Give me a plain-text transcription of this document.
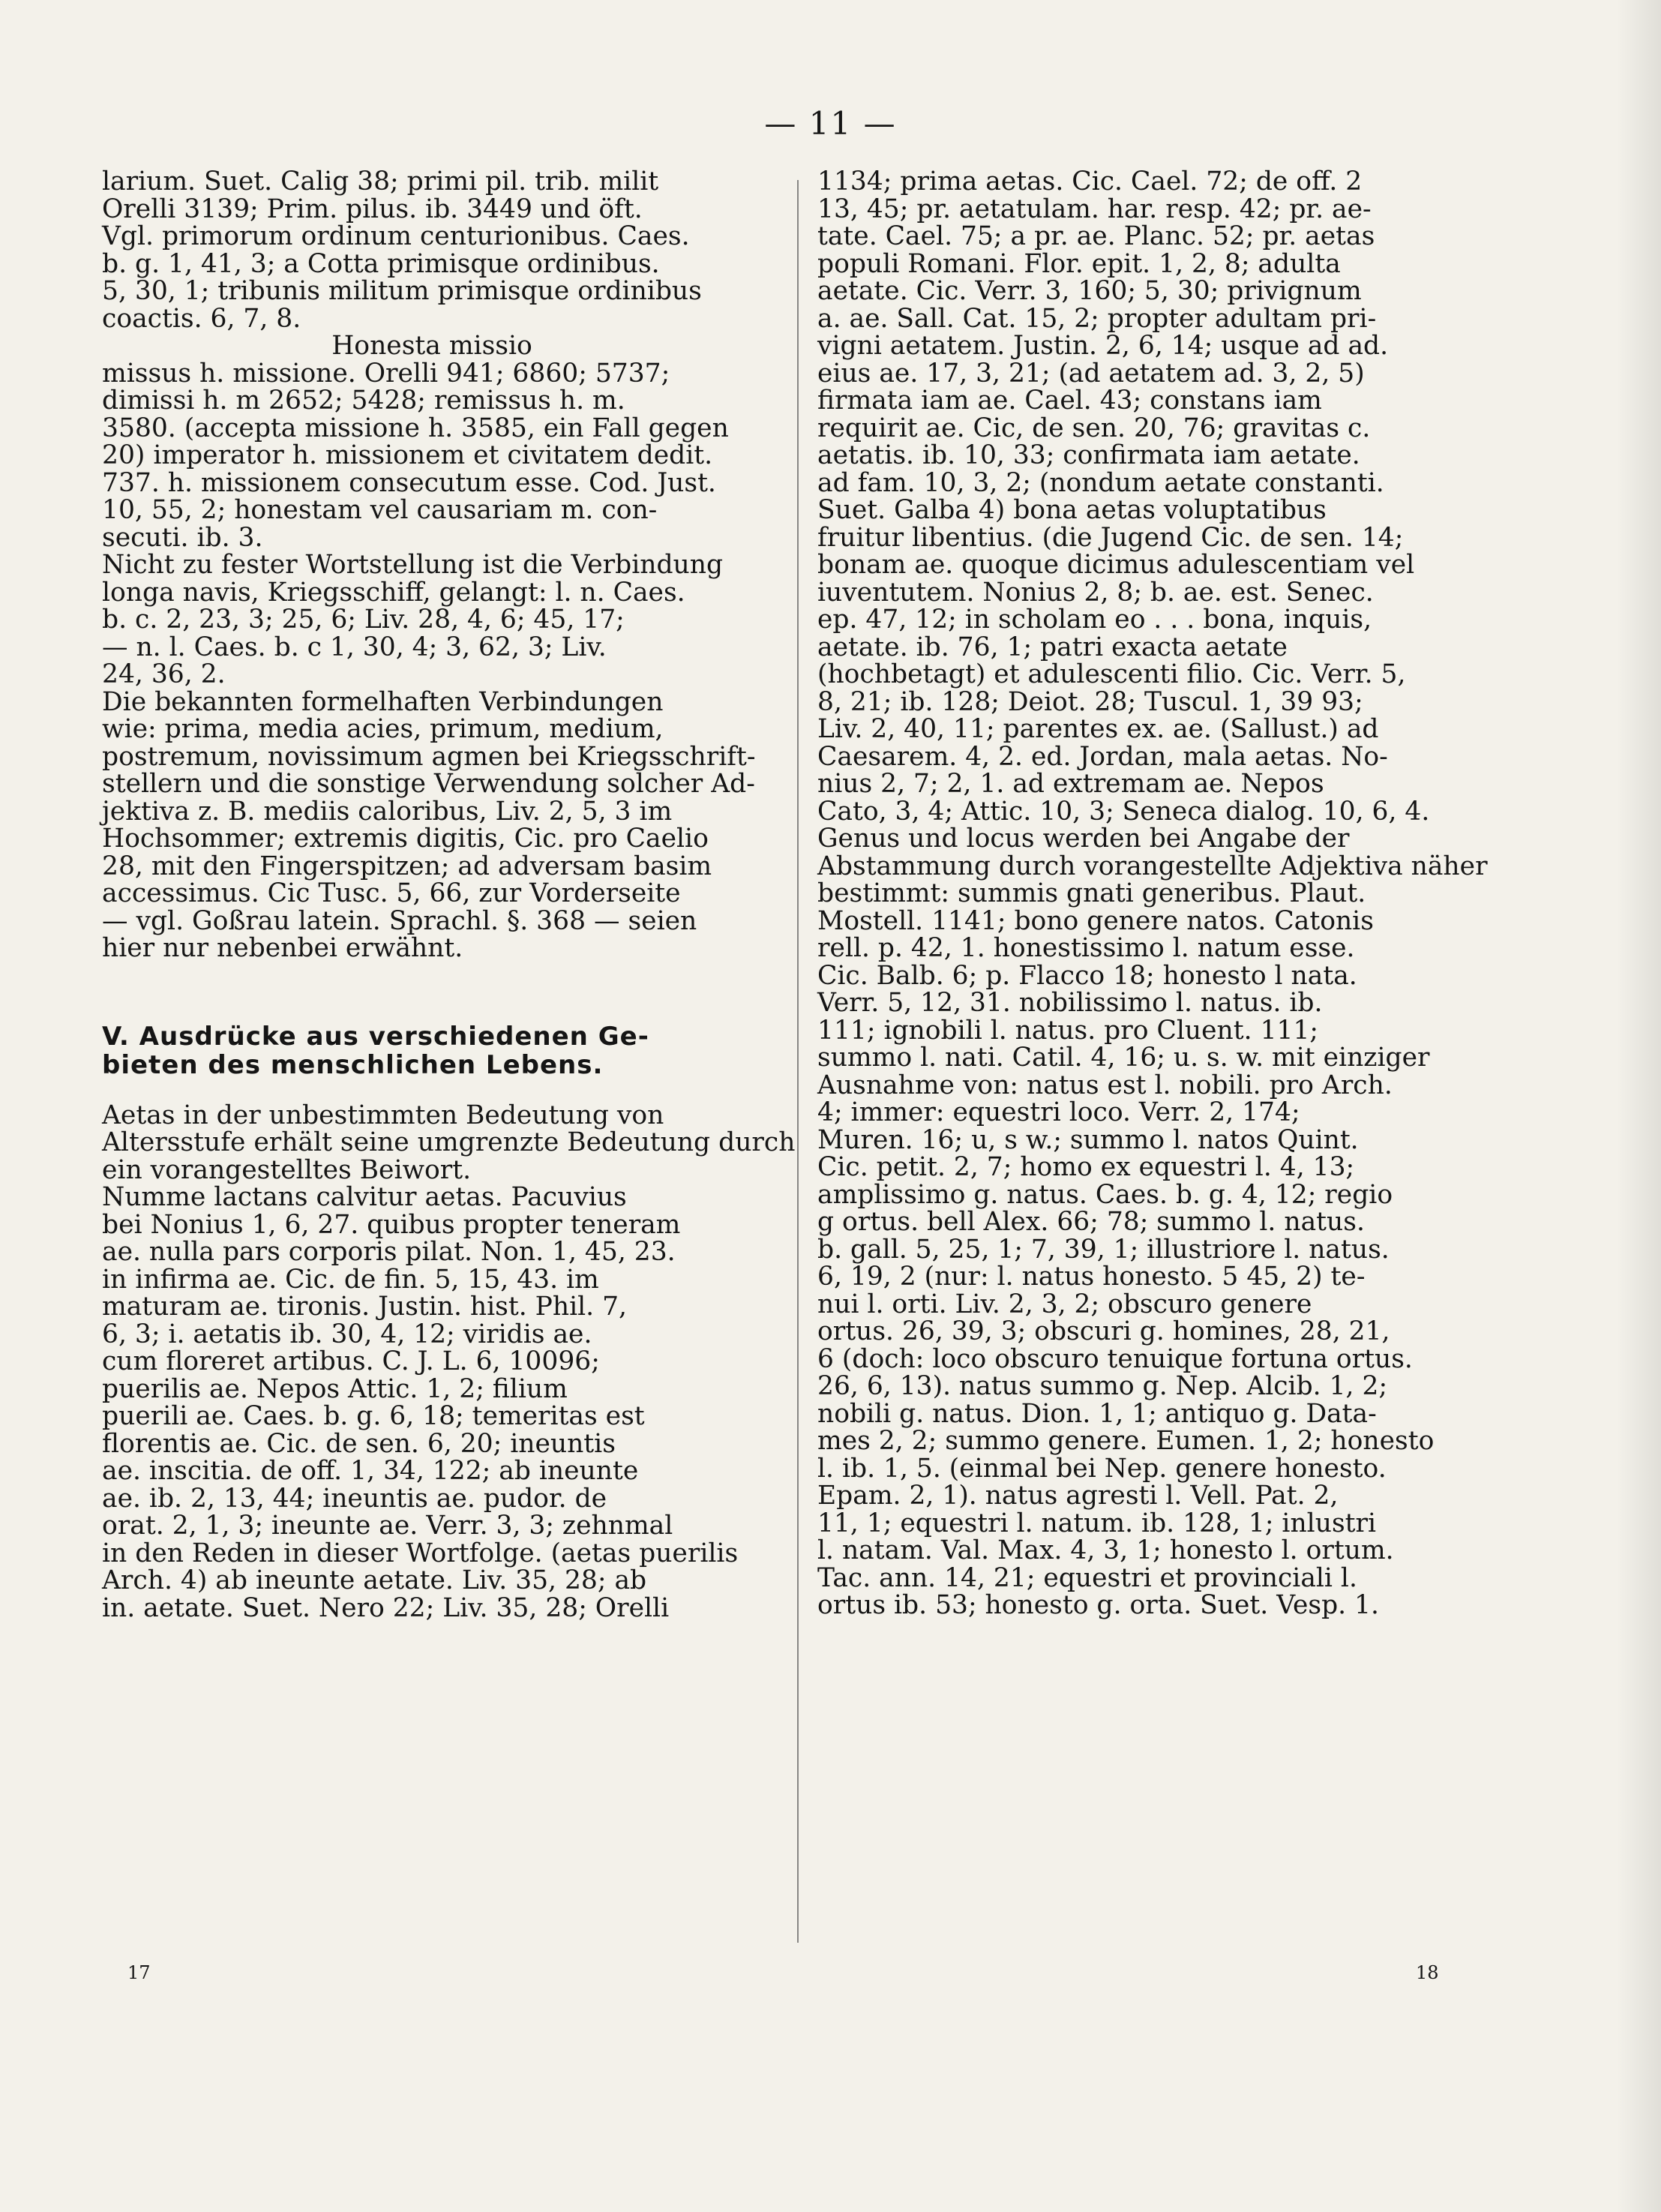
— 11 —
larium. Suet. Calig 38; primi pil. trib. milit
Orelli 3139; Prim. pilus. ib. 3449 und öft.
Vgl. primorum ordinum centurionibus. Caes.
b. g. 1, 41, 3; a Cotta primisque ordinibus.
5, 30, 1; tribunis militum primisque ordinibus
coactis. 6, 7, 8.
Honesta missio
missus h. missione. Orelli 941; 6860; 5737;
dimissi h. m 2652; 5428; remissus h. m.
3580. (accepta missione h. 3585, ein Fall gegen
20) imperator h. missionem et civitatem dedit.
737. h. missionem consecutum esse. Cod. Just.
10, 55, 2; honestam vel causariam m. con-
secuti. ib. 3.
Nicht zu fester Wortstellung ist die Verbindung
longa navis, Kriegsschiff, gelangt: l. n. Caes.
b. c. 2, 23, 3; 25, 6; Liv. 28, 4, 6; 45, 17;
— n. l. Caes. b. c 1, 30, 4; 3, 62, 3; Liv.
24, 36, 2.
Die bekannten formelhaften Verbindungen
wie: prima, media acies, primum, medium,
postremum, novissimum agmen bei Kriegsschrift-
stellern und die sonstige Verwendung solcher Ad-
jektiva z. B. mediis caloribus, Liv. 2, 5, 3 im
Hochsommer; extremis digitis, Cic. pro Caelio
28, mit den Fingerspitzen; ad adversam basim
accessimus. Cic Tusc. 5, 66, zur Vorderseite
— vgl. Goßrau latein. Sprachl. §. 368 — seien
hier nur nebenbei erwähnt.
V. Ausdrücke aus verschiedenen Ge-
bieten des menschlichen Lebens.
Aetas in der unbestimmten Bedeutung von
Altersstufe erhält seine umgrenzte Bedeutung durch
ein vorangestelltes Beiwort.
Numme lactans calvitur aetas. Pacuvius
bei Nonius 1, 6, 27. quibus propter teneram
ae. nulla pars corporis pilat. Non. 1, 45, 23.
in infirma ae. Cic. de fin. 5, 15, 43. im
maturam ae. tironis. Justin. hist. Phil. 7,
6, 3; i. aetatis ib. 30, 4, 12; viridis ae.
cum floreret artibus. C. J. L. 6, 10096;
puerilis ae. Nepos Attic. 1, 2; filium
puerili ae. Caes. b. g. 6, 18; temeritas est
florentis ae. Cic. de sen. 6, 20; ineuntis
ae. inscitia. de off. 1, 34, 122; ab ineunte
ae. ib. 2, 13, 44; ineuntis ae. pudor. de
orat. 2, 1, 3; ineunte ae. Verr. 3, 3; zehnmal
in den Reden in dieser Wortfolge. (aetas puerilis
Arch. 4) ab ineunte aetate. Liv. 35, 28; ab
in. aetate. Suet. Nero 22; Liv. 35, 28; Orelli
1134; prima aetas. Cic. Cael. 72; de off. 2
13, 45; pr. aetatulam. har. resp. 42; pr. ae-
tate. Cael. 75; a pr. ae. Planc. 52; pr. aetas
populi Romani. Flor. epit. 1, 2, 8; adulta
aetate. Cic. Verr. 3, 160; 5, 30; privignum
a. ae. Sall. Cat. 15, 2; propter adultam pri-
vigni aetatem. Justin. 2, 6, 14; usque ad ad.
eius ae. 17, 3, 21; (ad aetatem ad. 3, 2, 5)
firmata iam ae. Cael. 43; constans iam
requirit ae. Cic, de sen. 20, 76; gravitas c.
aetatis. ib. 10, 33; confirmata iam aetate.
ad fam. 10, 3, 2; (nondum aetate constanti.
Suet. Galba 4) bona aetas voluptatibus
fruitur libentius. (die Jugend Cic. de sen. 14;
bonam ae. quoque dicimus adulescentiam vel
iuventutem. Nonius 2, 8; b. ae. est. Senec.
ep. 47, 12; in scholam eo . . . bona, inquis,
aetate. ib. 76, 1; patri exacta aetate
(hochbetagt) et adulescenti filio. Cic. Verr. 5,
8, 21; ib. 128; Deiot. 28; Tuscul. 1, 39 93;
Liv. 2, 40, 11; parentes ex. ae. (Sallust.) ad
Caesarem. 4, 2. ed. Jordan, mala aetas. No-
nius 2, 7; 2, 1. ad extremam ae. Nepos
Cato, 3, 4; Attic. 10, 3; Seneca dialog. 10, 6, 4.
Genus und locus werden bei Angabe der
Abstammung durch vorangestellte Adjektiva näher
bestimmt: summis gnati generibus. Plaut.
Mostell. 1141; bono genere natos. Catonis
rell. p. 42, 1. honestissimo l. natum esse.
Cic. Balb. 6; p. Flacco 18; honesto l nata.
Verr. 5, 12, 31. nobilissimo l. natus. ib.
111; ignobili l. natus. pro Cluent. 111;
summo l. nati. Catil. 4, 16; u. s. w. mit einziger
Ausnahme von: natus est l. nobili. pro Arch.
4; immer: equestri loco. Verr. 2, 174;
Muren. 16; u, s w.; summo l. natos Quint.
Cic. petit. 2, 7; homo ex equestri l. 4, 13;
amplissimo g. natus. Caes. b. g. 4, 12; regio
g ortus. bell Alex. 66; 78; summo l. natus.
b. gall. 5, 25, 1; 7, 39, 1; illustriore l. natus.
6, 19, 2 (nur: l. natus honesto. 5 45, 2) te-
nui l. orti. Liv. 2, 3, 2; obscuro genere
ortus. 26, 39, 3; obscuri g. homines, 28, 21,
6 (doch: loco obscuro tenuique fortuna ortus.
26, 6, 13). natus summo g. Nep. Alcib. 1, 2;
nobili g. natus. Dion. 1, 1; antiquo g. Data-
mes 2, 2; summo genere. Eumen. 1, 2; honesto
l. ib. 1, 5. (einmal bei Nep. genere honesto.
Epam. 2, 1). natus agresti l. Vell. Pat. 2,
11, 1; equestri l. natum. ib. 128, 1; inlustri
l. natam. Val. Max. 4, 3, 1; honesto l. ortum.
Tac. ann. 14, 21; equestri et provinciali l.
ortus ib. 53; honesto g. orta. Suet. Vesp. 1.
17	18
